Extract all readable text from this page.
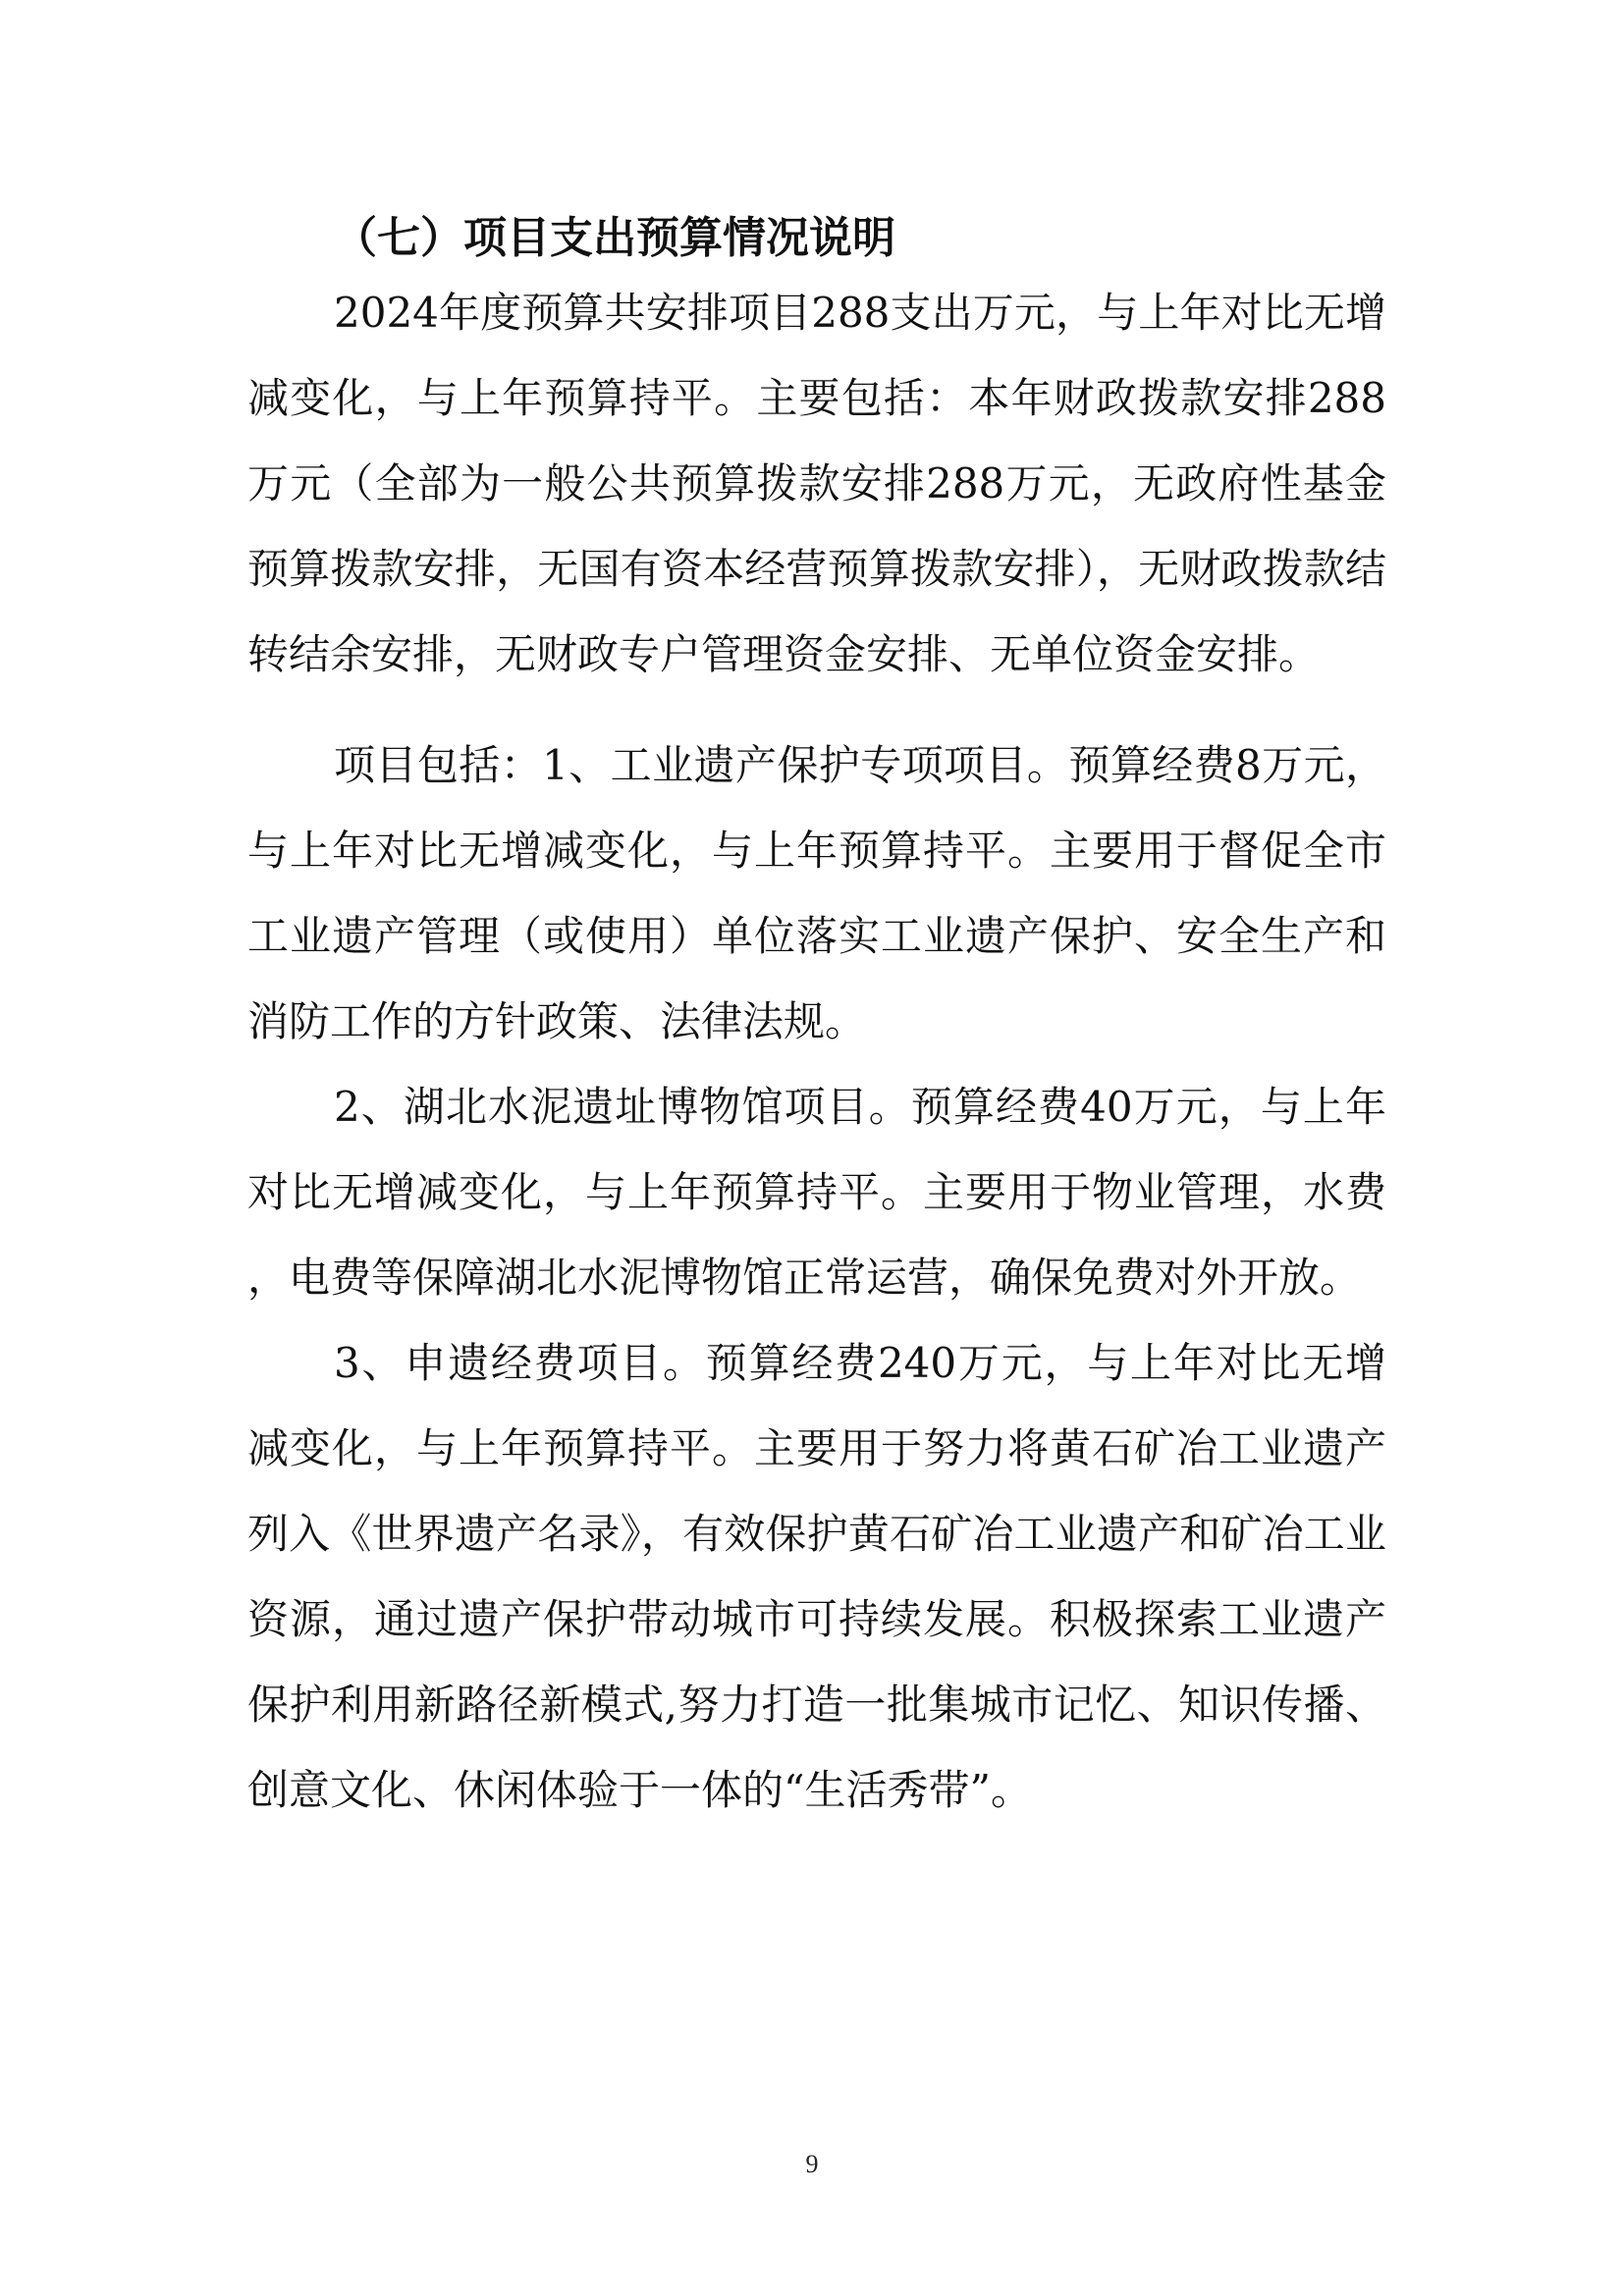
（七）项目支出预算情况说明

2024年度预算共安排项目288支出万元，与上年对比无增减变化，与上年预算持平。主要包括：本年财政拨款安排288万元（全部为一般公共预算拨款安排288万元，无政府性基金预算拨款安排，无国有资本经营预算拨款安排），无财政拨款结转结余安排，无财政专户管理资金安排、无单位资金安排。

项目包括：1、工业遗产保护专项项目。预算经费8万元，与上年对比无增减变化，与上年预算持平。主要用于督促全市工业遗产管理（或使用）单位落实工业遗产保护、安全生产和消防工作的方针政策、法律法规。

2、湖北水泥遗址博物馆项目。预算经费40万元，与上年对比无增减变化，与上年预算持平。主要用于物业管理，水费，电费等保障湖北水泥博物馆正常运营，确保免费对外开放。

3、申遗经费项目。预算经费240万元，与上年对比无增减变化，与上年预算持平。主要用于努力将黄石矿冶工业遗产列入《世界遗产名录》，有效保护黄石矿冶工业遗产和矿冶工业资源，通过遗产保护带动城市可持续发展。积极探索工业遗产保护利用新路径新模式,努力打造一批集城市记忆、知识传播、创意文化、休闲体验于一体的“生活秀带”。

9
